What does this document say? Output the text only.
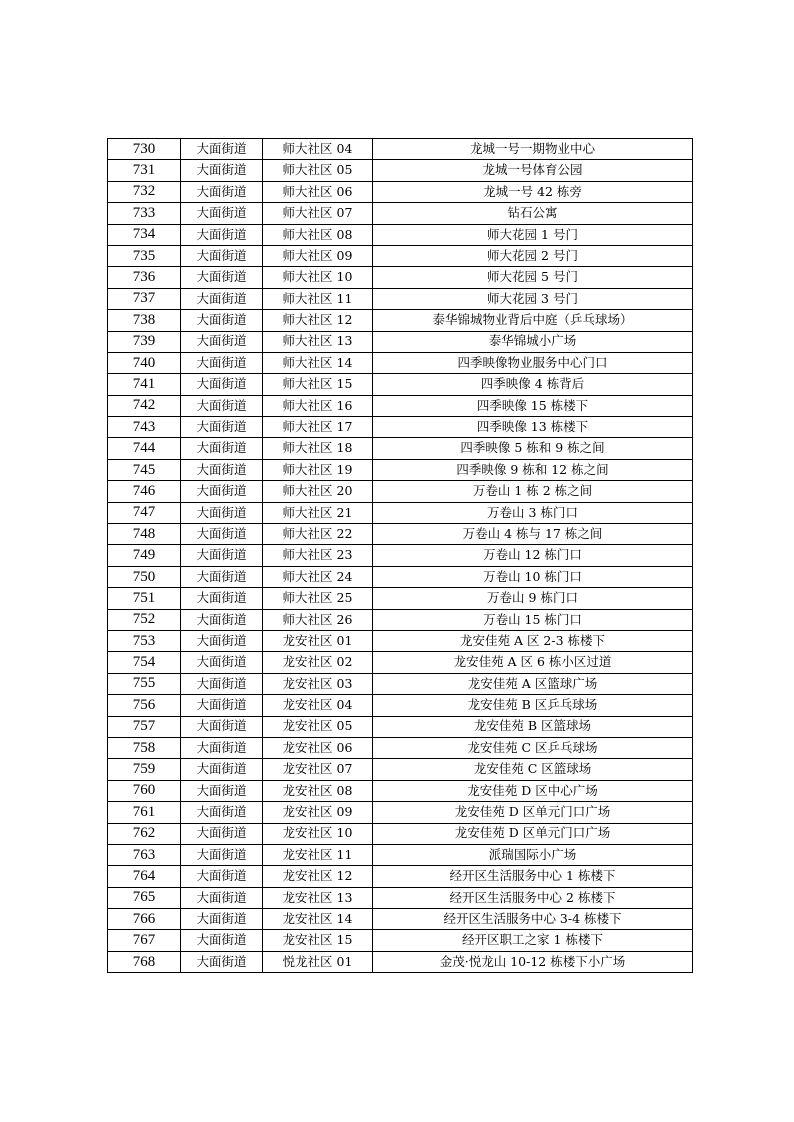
730	大面街道	师大社区 04	龙城一号一期物业中心
731	大面街道	师大社区 05	龙城一号体育公园
732	大面街道	师大社区 06	龙城一号 42 栋旁
733	大面街道	师大社区 07	钻石公寓
734	大面街道	师大社区 08	师大花园 1 号门
735	大面街道	师大社区 09	师大花园 2 号门
736	大面街道	师大社区 10	师大花园 5 号门
737	大面街道	师大社区 11	师大花园 3 号门
738	大面街道	师大社区 12	泰华锦城物业背后中庭（乒乓球场）
739	大面街道	师大社区 13	泰华锦城小广场
740	大面街道	师大社区 14	四季映像物业服务中心门口
741	大面街道	师大社区 15	四季映像 4 栋背后
742	大面街道	师大社区 16	四季映像 15 栋楼下
743	大面街道	师大社区 17	四季映像 13 栋楼下
744	大面街道	师大社区 18	四季映像 5 栋和 9 栋之间
745	大面街道	师大社区 19	四季映像 9 栋和 12 栋之间
746	大面街道	师大社区 20	万卷山 1 栋 2 栋之间
747	大面街道	师大社区 21	万卷山 3 栋门口
748	大面街道	师大社区 22	万卷山 4 栋与 17 栋之间
749	大面街道	师大社区 23	万卷山 12 栋门口
750	大面街道	师大社区 24	万卷山 10 栋门口
751	大面街道	师大社区 25	万卷山 9 栋门口
752	大面街道	师大社区 26	万卷山 15 栋门口
753	大面街道	龙安社区 01	龙安佳苑 A 区 2-3 栋楼下
754	大面街道	龙安社区 02	龙安佳苑 A 区 6 栋小区过道
755	大面街道	龙安社区 03	龙安佳苑 A 区篮球广场
756	大面街道	龙安社区 04	龙安佳苑 B 区乒乓球场
757	大面街道	龙安社区 05	龙安佳苑 B 区篮球场
758	大面街道	龙安社区 06	龙安佳苑 C 区乒乓球场
759	大面街道	龙安社区 07	龙安佳苑 C 区篮球场
760	大面街道	龙安社区 08	龙安佳苑 D 区中心广场
761	大面街道	龙安社区 09	龙安佳苑 D 区单元门口广场
762	大面街道	龙安社区 10	龙安佳苑 D 区单元门口广场
763	大面街道	龙安社区 11	派瑞国际小广场
764	大面街道	龙安社区 12	经开区生活服务中心 1 栋楼下
765	大面街道	龙安社区 13	经开区生活服务中心 2 栋楼下
766	大面街道	龙安社区 14	经开区生活服务中心 3-4 栋楼下
767	大面街道	龙安社区 15	经开区职工之家 1 栋楼下
768	大面街道	悦龙社区 01	金茂·悦龙山 10-12 栋楼下小广场
